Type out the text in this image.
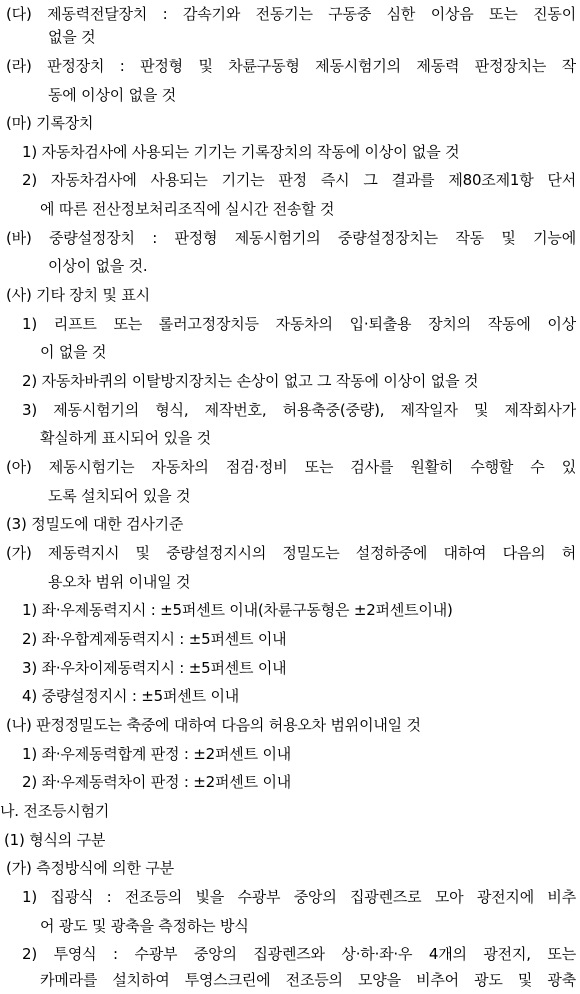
(다) 제동력전달장치 : 감속기와 전동기는 구동중 심한 이상음 또는 진동이
없을 것
(라) 판정장치 : 판정형 및 차륜구동형 제동시험기의 제동력 판정장치는 작
동에 이상이 없을 것
(마) 기록장치
1) 자동차검사에 사용되는 기기는 기록장치의 작동에 이상이 없을 것
2) 자동차검사에 사용되는 기기는 판정 즉시 그 결과를 제80조제1항 단서
에 따른 전산정보처리조직에 실시간 전송할 것
(바) 중량설정장치 : 판정형 제동시험기의 중량설정장치는 작동 및 기능에
이상이 없을 것.
(사) 기타 장치 및 표시
1) 리프트 또는 롤러고정장치등 자동차의 입·퇴출용 장치의 작동에 이상
이 없을 것
2) 자동차바퀴의 이탈방지장치는 손상이 없고 그 작동에 이상이 없을 것
3) 제동시험기의 형식, 제작번호, 허용축중(중량), 제작일자 및 제작회사가
확실하게 표시되어 있을 것
(아) 제동시험기는 자동차의 점검·정비 또는 검사를 원활히 수행할 수 있
도록 설치되어 있을 것
(3) 정밀도에 대한 검사기준
(가) 제동력지시 및 중량설정지시의 정밀도는 설정하중에 대하여 다음의 허
용오차 범위 이내일 것
1) 좌·우제동력지시 : ±5퍼센트 이내(차륜구동형은 ±2퍼센트이내)
2) 좌·우합계제동력지시 : ±5퍼센트 이내
3) 좌·우차이제동력지시 : ±5퍼센트 이내
4) 중량설정지시 : ±5퍼센트 이내
(나) 판정정밀도는 축중에 대하여 다음의 허용오차 범위이내일 것
1) 좌·우제동력합계 판정 : ±2퍼센트 이내
2) 좌·우제동력차이 판정 : ±2퍼센트 이내
나. 전조등시험기
(1) 형식의 구분
(가) 측정방식에 의한 구분
1) 집광식 : 전조등의 빛을 수광부 중앙의 집광렌즈로 모아 광전지에 비추
어 광도 및 광축을 측정하는 방식
2) 투영식 : 수광부 중앙의 집광렌즈와 상·하·좌·우 4개의 광전지, 또는
카메라를 설치하여 투영스크린에 전조등의 모양을 비추어 광도 및 광축
